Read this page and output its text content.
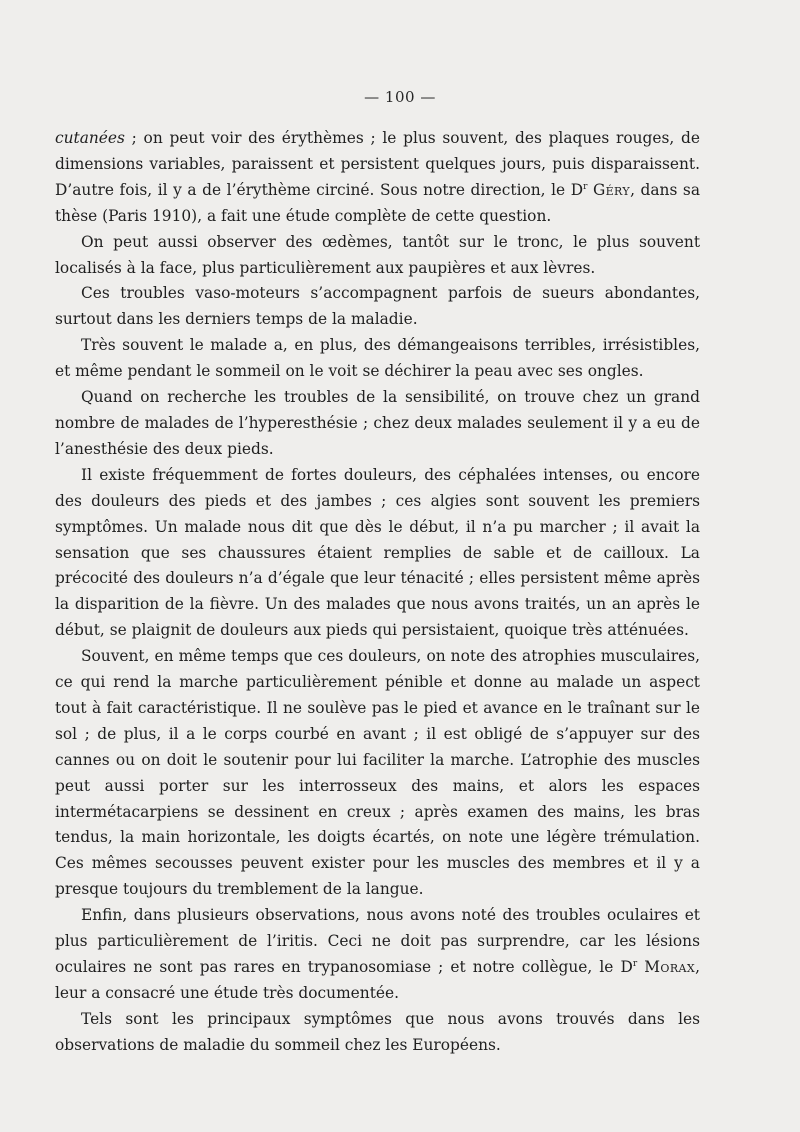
— 100 —

cutanées ; on peut voir des érythèmes ; le plus souvent, des plaques rouges, de dimensions variables, paraissent et persistent quelques jours, puis disparaissent. D’autre fois, il y a de l’érythème circiné. Sous notre direction, le $D^r$ Géry, dans sa thèse (Paris 1910), a fait une étude complète de cette question.

On peut aussi observer des œdèmes, tantôt sur le tronc, le plus souvent localisés à la face, plus particulièrement aux paupières et aux lèvres.

Ces troubles vaso-moteurs s’accompagnent parfois de sueurs abondantes, surtout dans les derniers temps de la maladie.

Très souvent le malade a, en plus, des démangeaisons terribles, irrésistibles, et même pendant le sommeil on le voit se déchirer la peau avec ses ongles.

Quand on recherche les troubles de la sensibilité, on trouve chez un grand nombre de malades de l’hyperesthésie ; chez deux malades seulement il y a eu de l’anesthésie des deux pieds.

Il existe fréquemment de fortes douleurs, des céphalées intenses, ou encore des douleurs des pieds et des jambes ; ces algies sont souvent les premiers symptômes. Un malade nous dit que dès le début, il n’a pu marcher ; il avait la sensation que ses chaussures étaient remplies de sable et de cailloux. La précocité des douleurs n’a d’égale que leur ténacité ; elles persistent même après la disparition de la fièvre. Un des malades que nous avons traités, un an après le début, se plaignit de douleurs aux pieds qui persistaient, quoique très atténuées.

Souvent, en même temps que ces douleurs, on note des atrophies musculaires, ce qui rend la marche particulièrement pénible et donne au malade un aspect tout à fait caractéristique. Il ne soulève pas le pied et avance en le traînant sur le sol ; de plus, il a le corps courbé en avant ; il est obligé de s’appuyer sur des cannes ou on doit le soutenir pour lui faciliter la marche. L’atrophie des muscles peut aussi porter sur les interrosseux des mains, et alors les espaces intermétacarpiens se dessinent en creux ; après examen des mains, les bras tendus, la main horizontale, les doigts écartés, on note une légère trémulation. Ces mêmes secousses peuvent exister pour les muscles des membres et il y a presque toujours du tremblement de la langue.

Enfin, dans plusieurs observations, nous avons noté des troubles oculaires et plus particulièrement de l’iritis. Ceci ne doit pas surprendre, car les lésions oculaires ne sont pas rares en trypanosomiase ; et notre collègue, le $D^r$ Morax, leur a consacré une étude très documentée.

Tels sont les principaux symptômes que nous avons trouvés dans les observations de maladie du sommeil chez les Européens.
